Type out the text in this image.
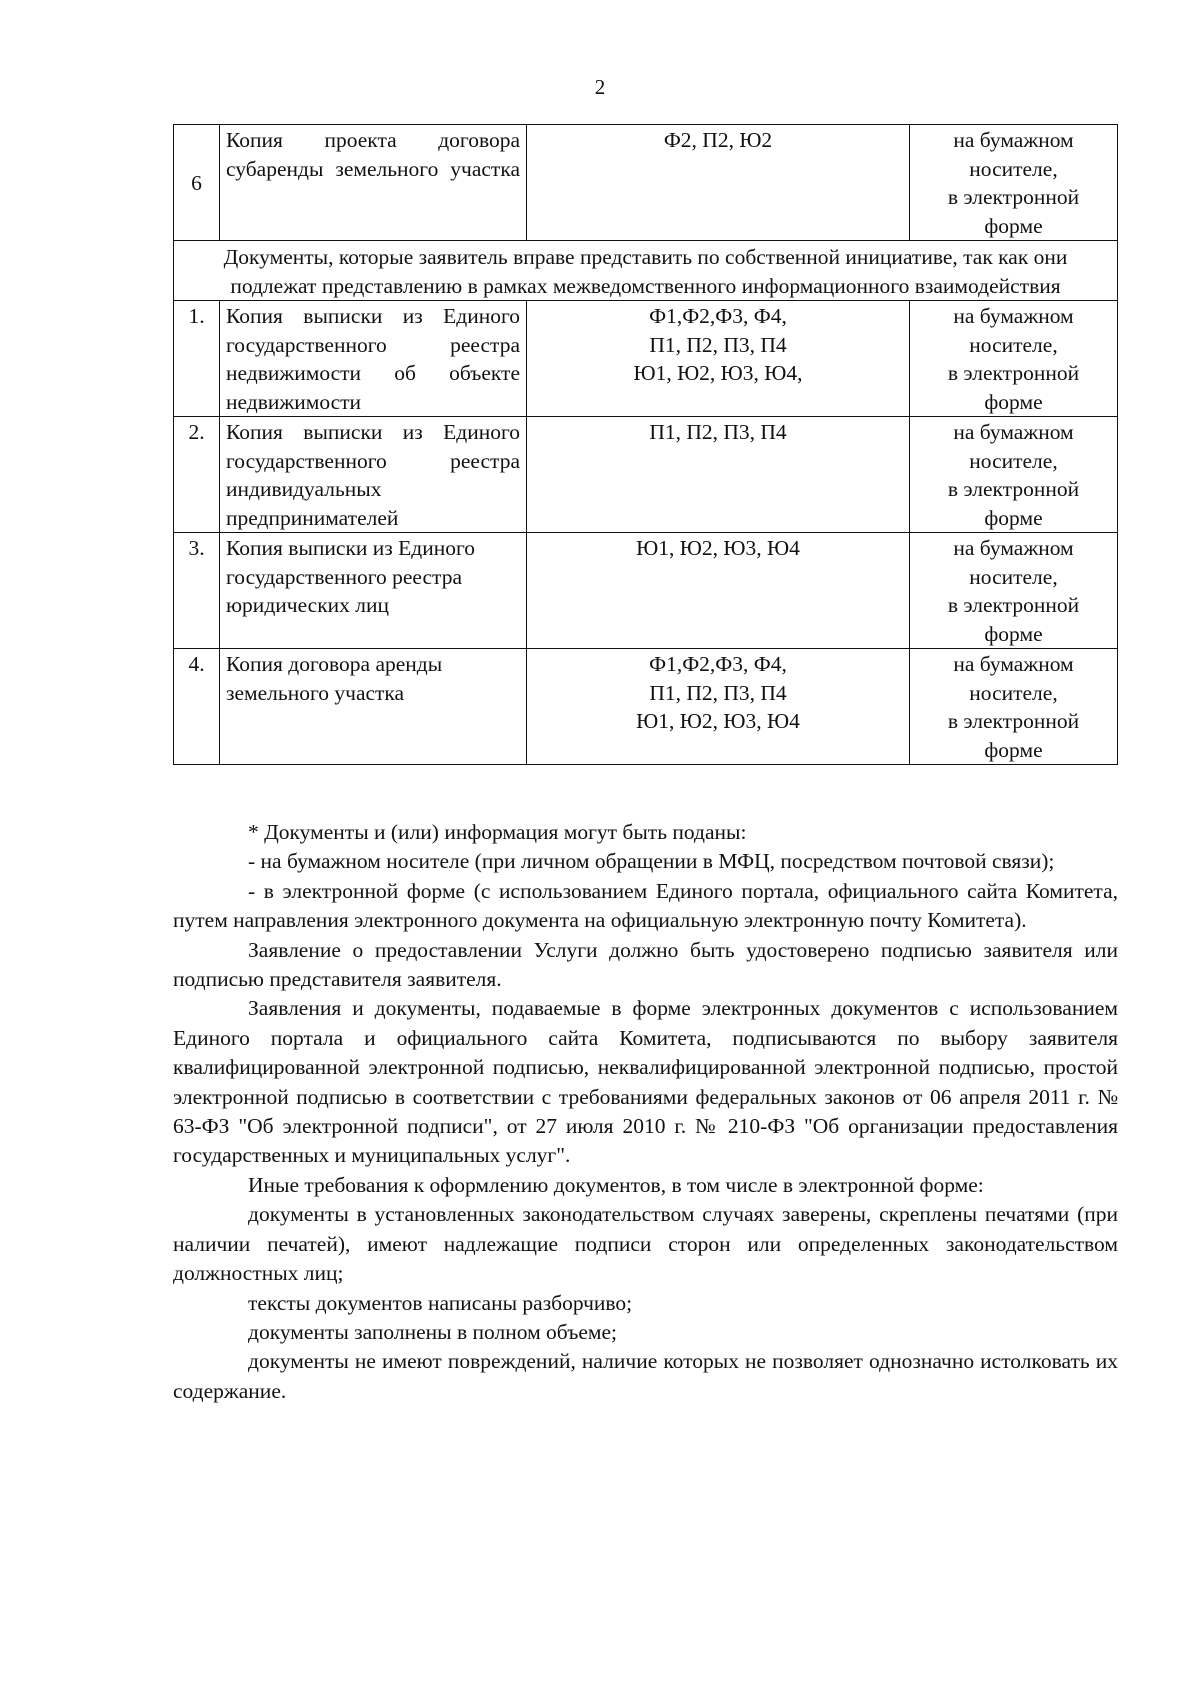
2
6	Копия проекта договора субаренды земельного участка	Ф2, П2, Ю2	на бумажном
носителе,
в электронной
форме
Документы, которые заявитель вправе представить по собственной инициативе, так как они подлежат представлению в рамках межведомственного информационного взаимодействия			
1.	Копия выписки из Единого государственного реестра недвижимости об объекте недвижимости	Ф1,Ф2,Ф3, Ф4,
П1, П2, П3, П4
Ю1, Ю2, Ю3, Ю4,	на бумажном
носителе,
в электронной
форме
2.	Копия выписки из Единого государственного реестра индивидуальных предпринимателей	П1, П2, П3, П4	на бумажном
носителе,
в электронной
форме
3.	Копия выписки из Единого
государственного реестра
юридических лиц	Ю1, Ю2, Ю3, Ю4	на бумажном
носителе,
в электронной
форме
4.	Копия договора аренды
земельного участка	Ф1,Ф2,Ф3, Ф4,
П1, П2, П3, П4
Ю1, Ю2, Ю3, Ю4	на бумажном
носителе,
в электронной
форме

* Документы и (или) информация могут быть поданы:

- на бумажном носителе (при личном обращении в МФЦ, посредством почтовой связи);

- в электронной форме (с использованием Единого портала, официального сайта Комитета, путем направления электронного документа на официальную электронную почту Комитета).

Заявление о предоставлении Услуги должно быть удостоверено подписью заявителя или подписью представителя заявителя.

Заявления и документы, подаваемые в форме электронных документов с использованием Единого портала и официального сайта Комитета, подписываются по выбору заявителя квалифицированной электронной подписью, неквалифицированной электронной подписью, простой электронной подписью в соответствии с требованиями федеральных законов от 06 апреля 2011 г. № 63-ФЗ "Об электронной подписи", от 27 июля 2010 г. № 210-ФЗ "Об организации предоставления государственных и муниципальных услуг".

Иные требования к оформлению документов, в том числе в электронной форме:

документы в установленных законодательством случаях заверены, скреплены печатями (при наличии печатей), имеют надлежащие подписи сторон или определенных законодательством должностных лиц;

тексты документов написаны разборчиво;

документы заполнены в полном объеме;

документы не имеют повреждений, наличие которых не позволяет однозначно истолковать их содержание.
